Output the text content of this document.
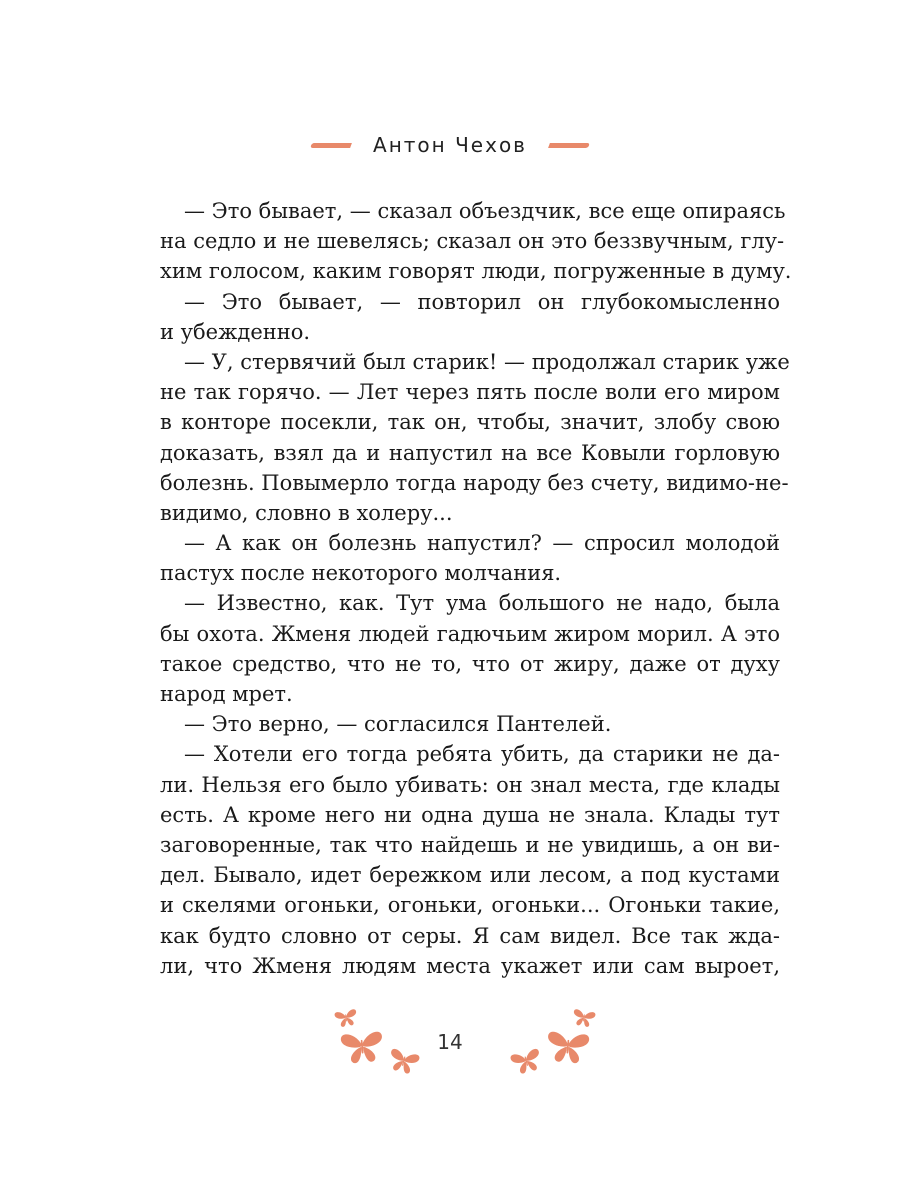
Антон Чехов
— Это бывает, — сказал объездчик, все еще опираясь
на седло и не шевелясь; сказал он это беззвучным, глу-
хим голосом, каким говорят люди, погруженные в думу.
— Это бывает, — повторил он глубокомысленно
и убежденно.
— У, стервячий был старик! — продолжал старик уже
не так горячо. — Лет через пять после воли его миром
в конторе посекли, так он, чтобы, значит, злобу свою
доказать, взял да и напустил на все Ковыли горловую
болезнь. Повымерло тогда народу без счету, видимо-не-
видимо, словно в холеру...
— А как он болезнь напустил? — спросил молодой
пастух после некоторого молчания.
— Известно, как. Тут ума большого не надо, была
бы охота. Жменя людей гадючьим жиром морил. А это
такое средство, что не то, что от жиру, даже от духу
народ мрет.
— Это верно, — согласился Пантелей.
— Хотели его тогда ребята убить, да старики не да-
ли. Нельзя его было убивать: он знал места, где клады
есть. А кроме него ни одна душа не знала. Клады тут
заговоренные, так что найдешь и не увидишь, а он ви-
дел. Бывало, идет бережком или лесом, а под кустами
и скелями огоньки, огоньки, огоньки... Огоньки такие,
как будто словно от серы. Я сам видел. Все так жда-
ли, что Жменя людям места укажет или сам выроет,
14
